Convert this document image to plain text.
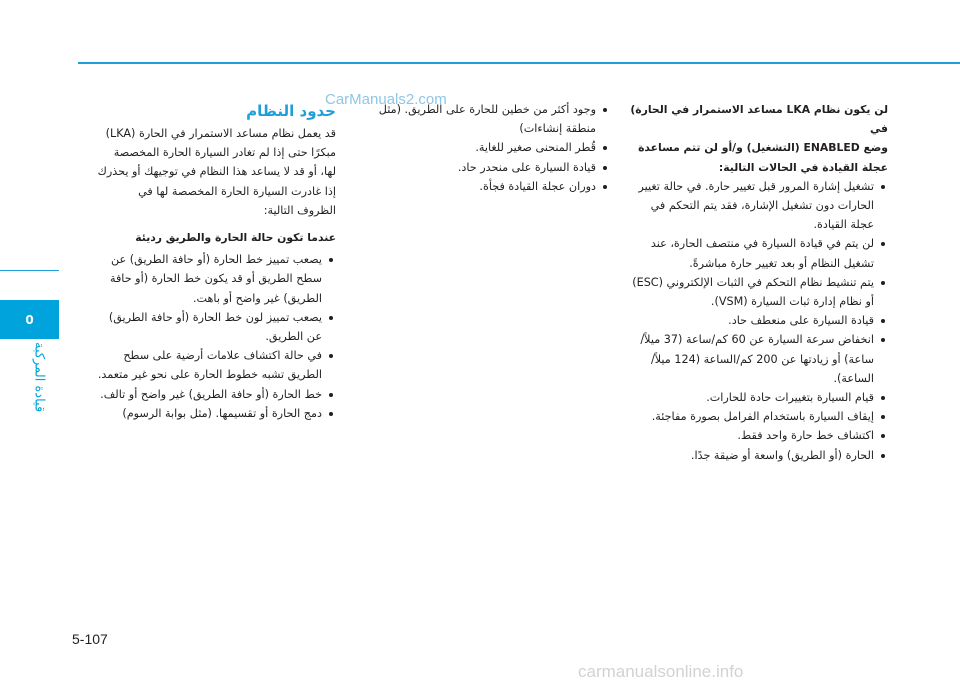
0
قيادة المركبة
CarManuals2.com

لن يكون نظام LKA مساعد الاستمرار في الحارة) في

وضع ENABLED (التشغيل) و/أو لن تتم مساعدة

عجلة القيادة في الحالات التالية:

تشغيل إشارة المرور قبل تغيير حارة. في حالة تغيير الحارات دون تشغيل الإشارة، فقد يتم التحكم في عجلة القيادة.
لن يتم في قيادة السيارة في منتصف الحارة، عند تشغيل النظام أو بعد تغيير حارة مباشرةً.
يتم تنشيط نظام التحكم في الثبات الإلكتروني (ESC) أو نظام إدارة ثبات السيارة (VSM).
قيادة السيارة على منعطف حاد.
انخفاض سرعة السيارة عن 60 كم/ساعة (37 ميلاً/ساعة) أو زيادتها عن 200 كم/الساعة (124 ميلاً/الساعة).
قيام السيارة بتغييرات حادة للحارات.
إيقاف السيارة باستخدام الفرامل بصورة مفاجئة.
اكتشاف خط حارة واحد فقط.
الحارة (أو الطريق) واسعة أو ضيقة جدًا.
وجود أكثر من خطين للحارة على الطريق. (مثل منطقة إنشاءات)
قُطر المنحنى صغير للغاية.
قيادة السيارة على منحدر حاد.
دوران عجلة القيادة فجأة.

حدود النظام

قد يعمل نظام مساعد الاستمرار في الحارة (LKA) مبكرًا حتى إذا لم تغادر السيارة الحارة المخصصة لها، أو قد لا يساعد هذا النظام في توجيهك أو يحذرك إذا غادرت السيارة الحارة المخصصة لها في الظروف التالية:

عندما تكون حالة الحارة والطريق رديئة

يصعب تمييز خط الحارة (أو حافة الطريق) عن سطح الطريق أو قد يكون خط الحارة (أو حافة الطريق) غير واضح أو باهت.
يصعب تمييز لون خط الحارة (أو حافة الطريق) عن الطريق.
في حالة اكتشاف علامات أرضية على سطح الطريق تشبه خطوط الحارة على نحو غير متعمد.
خط الحارة (أو حافة الطريق) غير واضح أو تالف.
دمج الحارة أو تقسيمها. (مثل بوابة الرسوم)
5-107
carmanualsonline.info
